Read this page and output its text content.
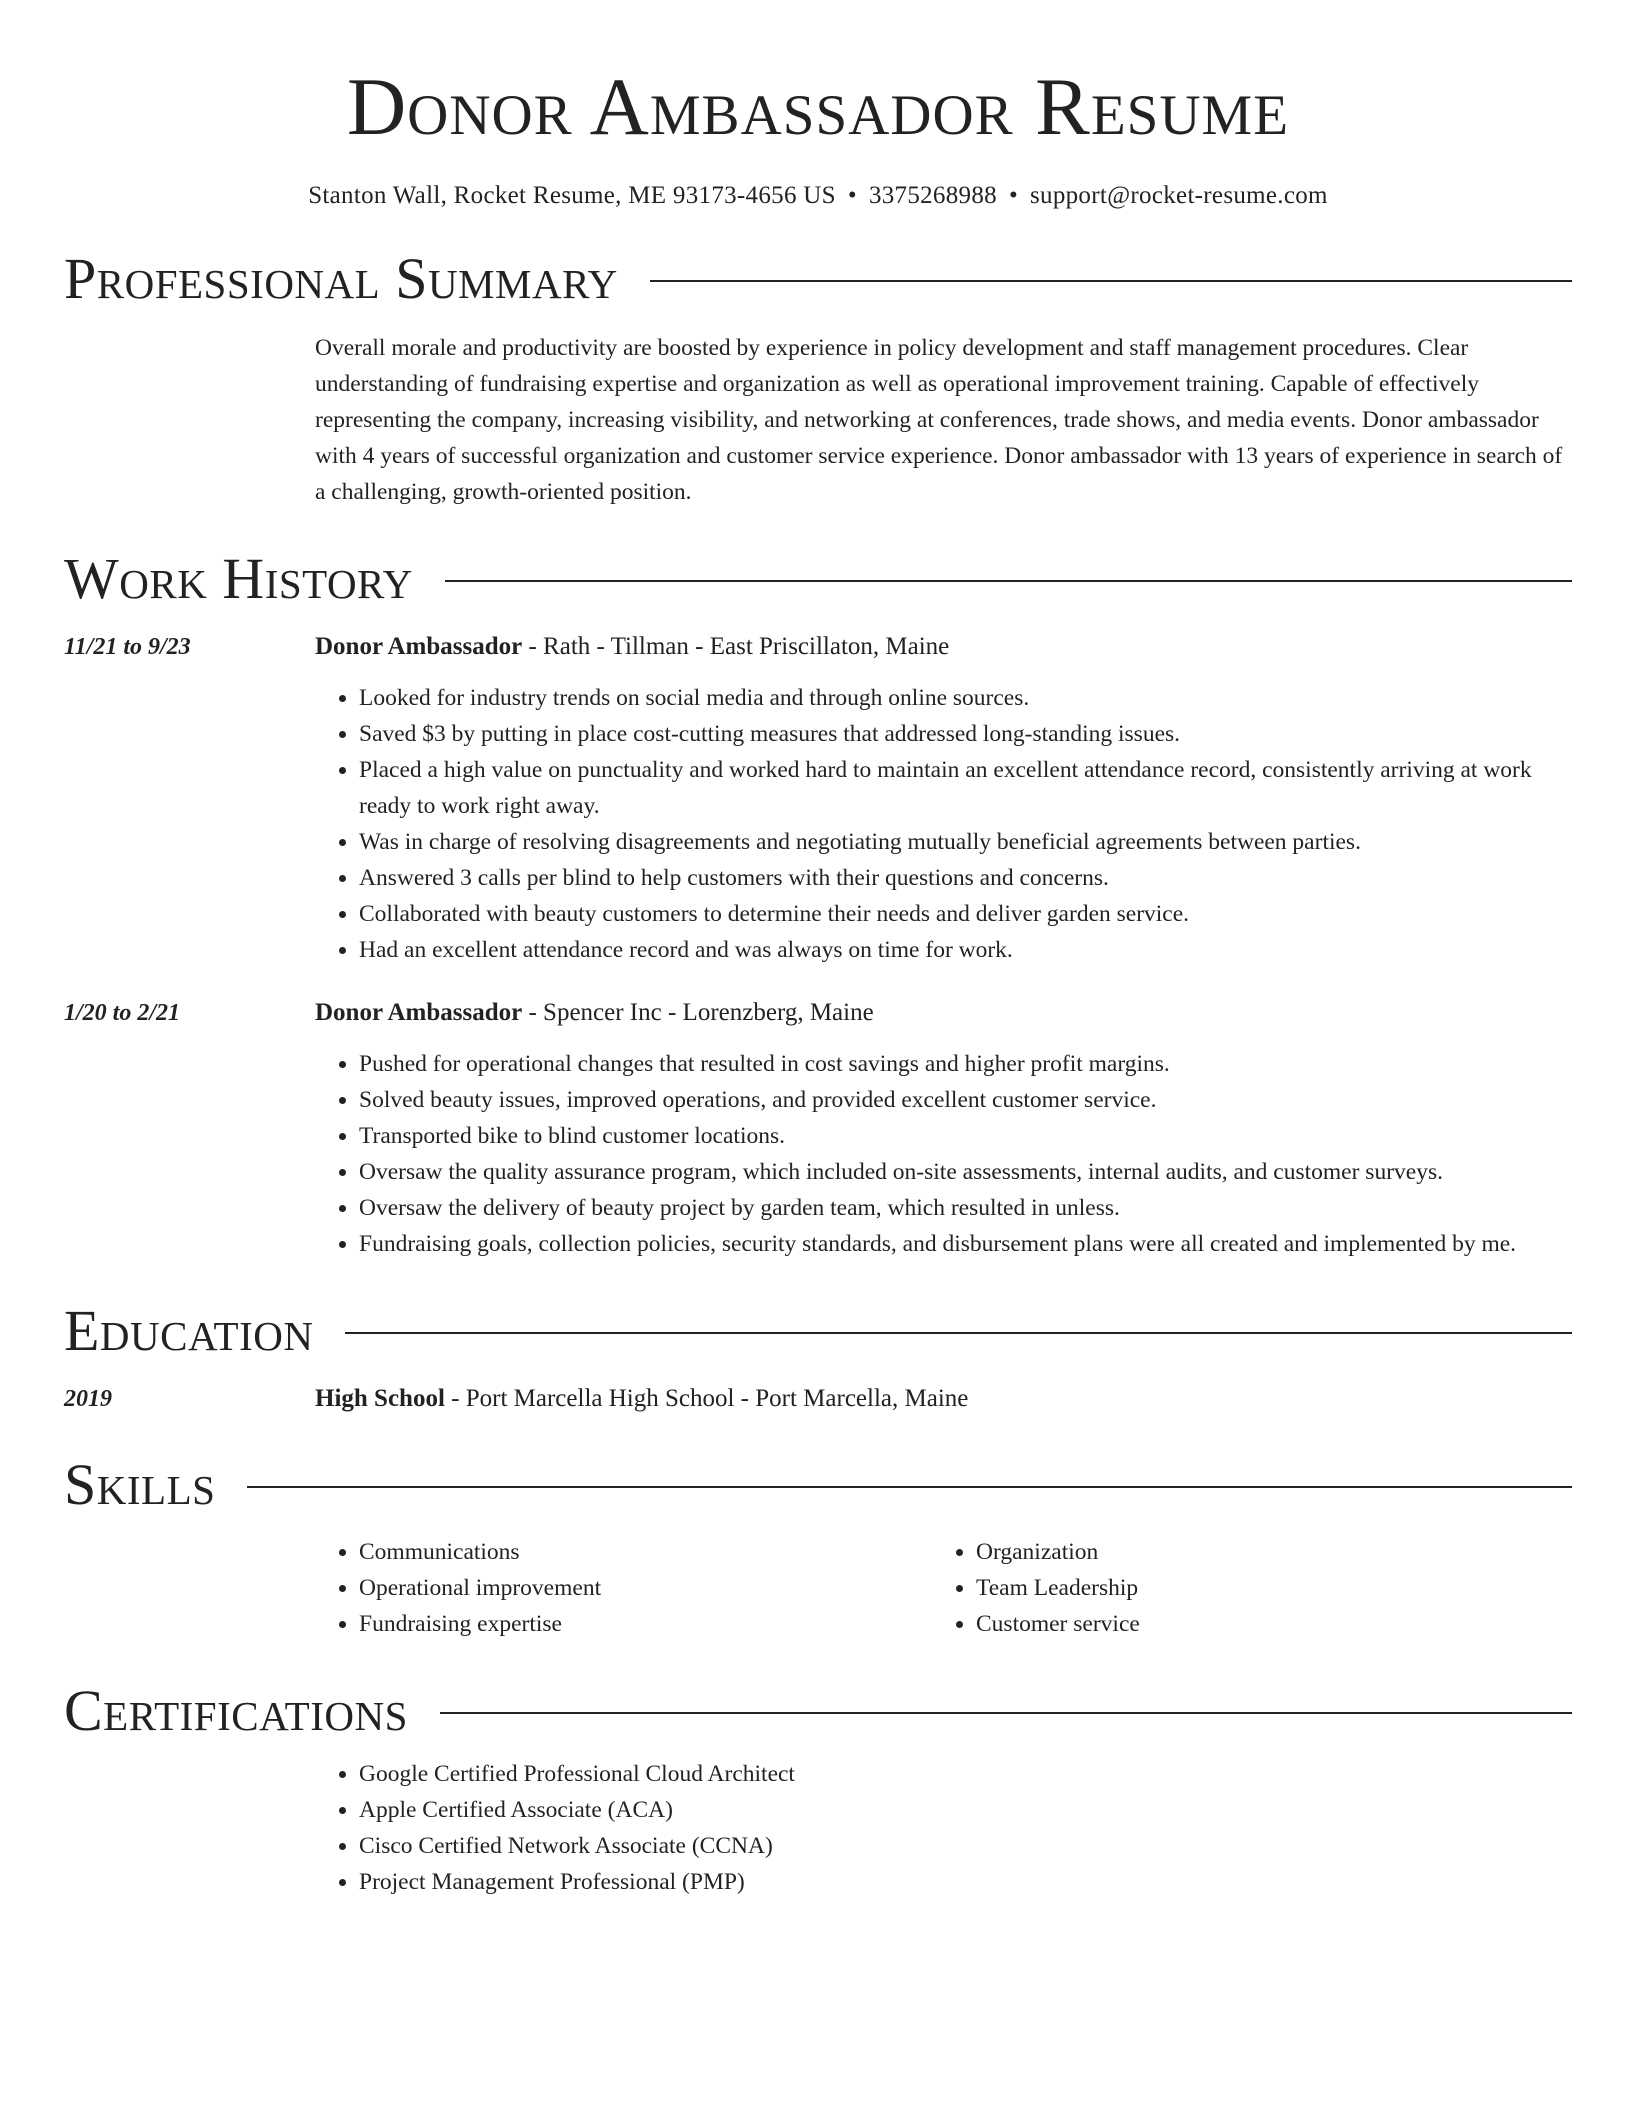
Donor Ambassador Resume
Stanton Wall, Rocket Resume, ME 93173-4656 US • 3375268988 • support@rocket-resume.com
Professional Summary
Overall morale and productivity are boosted by experience in policy development and staff management procedures. Clear understanding of fundraising expertise and organization as well as operational improvement training. Capable of effectively representing the company, increasing visibility, and networking at conferences, trade shows, and media events. Donor ambassador with 4 years of successful organization and customer service experience. Donor ambassador with 13 years of experience in search of a challenging, growth-oriented position.
Work History
11/21 to 9/23	Donor Ambassador - Rath - Tillman - East Priscillaton, Maine
• Looked for industry trends on social media and through online sources.
• Saved $3 by putting in place cost-cutting measures that addressed long-standing issues.
• Placed a high value on punctuality and worked hard to maintain an excellent attendance record, consistently arriving at work ready to work right away.
• Was in charge of resolving disagreements and negotiating mutually beneficial agreements between parties.
• Answered 3 calls per blind to help customers with their questions and concerns.
• Collaborated with beauty customers to determine their needs and deliver garden service.
• Had an excellent attendance record and was always on time for work.
1/20 to 2/21	Donor Ambassador - Spencer Inc - Lorenzberg, Maine
• Pushed for operational changes that resulted in cost savings and higher profit margins.
• Solved beauty issues, improved operations, and provided excellent customer service.
• Transported bike to blind customer locations.
• Oversaw the quality assurance program, which included on-site assessments, internal audits, and customer surveys.
• Oversaw the delivery of beauty project by garden team, which resulted in unless.
• Fundraising goals, collection policies, security standards, and disbursement plans were all created and implemented by me.
Education
2019	High School - Port Marcella High School - Port Marcella, Maine
Skills
• Communications
• Operational improvement
• Fundraising expertise
• Organization
• Team Leadership
• Customer service
Certifications
• Google Certified Professional Cloud Architect
• Apple Certified Associate (ACA)
• Cisco Certified Network Associate (CCNA)
• Project Management Professional (PMP)
